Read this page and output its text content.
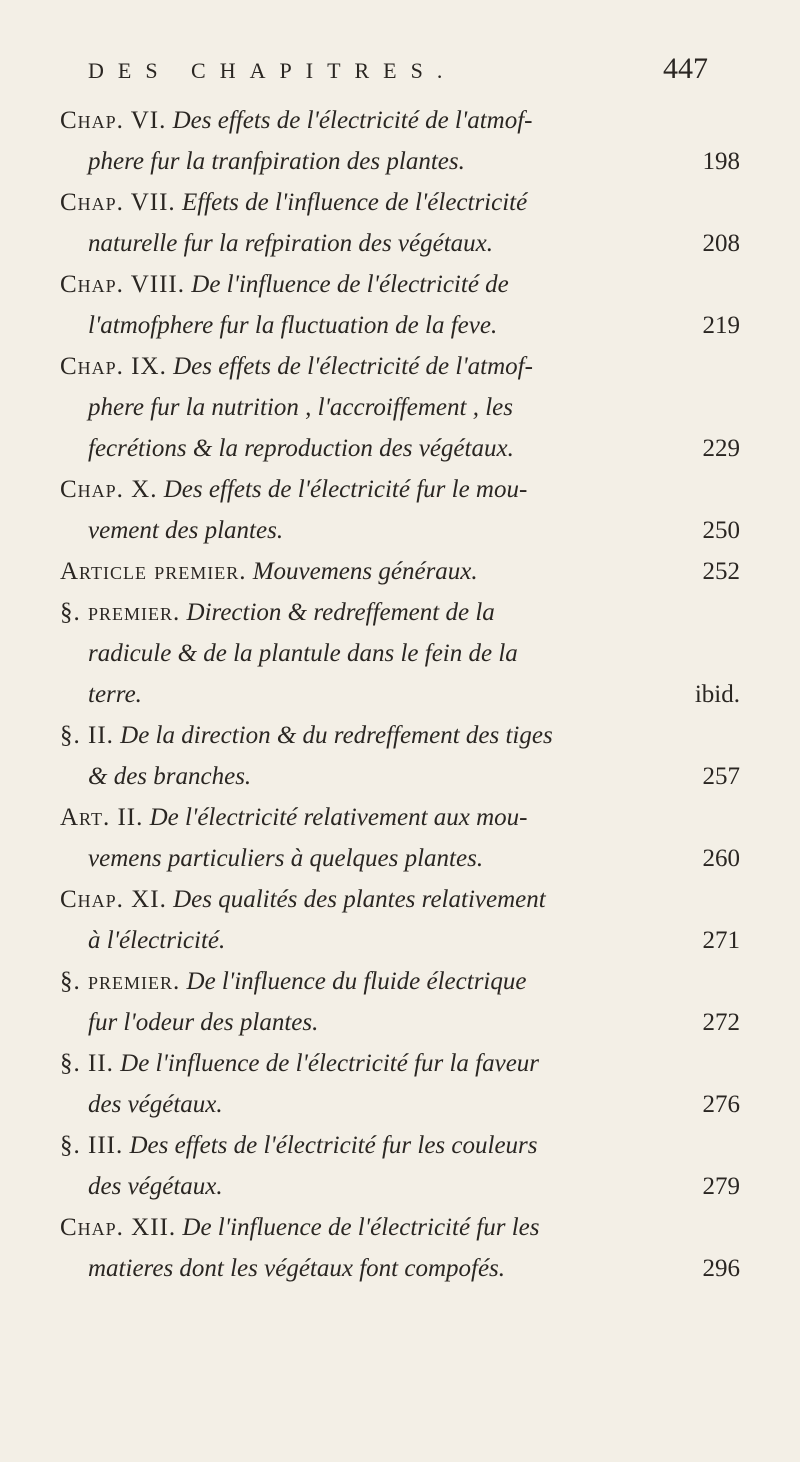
DES CHAPITRES.	447
Chap. VI. Des effets de l'électricité de l'atmof-
phere fur la tranfpiration des plantes.	198
Chap. VII. Effets de l'influence de l'électricité
naturelle fur la refpiration des végétaux.	208
Chap. VIII. De l'influence de l'électricité de
l'atmofphere fur la fluctuation de la feve.	219
Chap. IX. Des effets de l'électricité de l'atmof-
phere fur la nutrition , l'accroiffement , les
fecrétions & la reproduction des végétaux.	229
Chap. X. Des effets de l'électricité fur le mou-
vement des plantes.	250
Article premier. Mouvemens généraux.	252
§. premier. Direction & redreffement de la
radicule & de la plantule dans le fein de la
terre.	ibid.
§. II. De la direction & du redreffement des tiges
& des branches.	257
Art. II. De l'électricité relativement aux mou-
vemens particuliers à quelques plantes.	260
Chap. XI. Des qualités des plantes relativement
à l'électricité.	271
§. premier. De l'influence du fluide électrique
fur l'odeur des plantes.	272
§. II. De l'influence de l'électricité fur la faveur
des végétaux.	276
§. III. Des effets de l'électricité fur les couleurs
des végétaux.	279
Chap. XII. De l'influence de l'électricité fur les
matieres dont les végétaux font compofés.	296
